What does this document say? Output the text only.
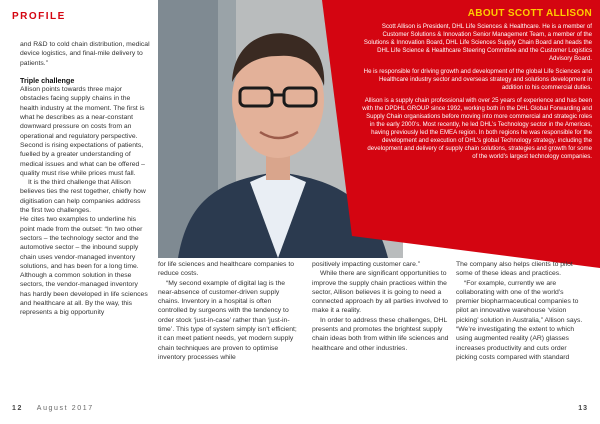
PROFILE

and R&D to cold chain distribution, medical device logistics, and final-mile delivery to patients.”

Triple challenge

Allison points towards three major obstacles facing supply chains in the health industry at the moment. The first is what he describes as a near-constant downward pressure on costs from an operational and regulatory perspective. Second is rising expectations of patients, fuelled by a greater understanding of medical issues and what can be offered – quality must rise while prices must fall.

It is the third challenge that Allison believes ties the rest together, chiefly how digitisation can help companies address the first two challenges.

He cites two examples to underline his point made from the outset: “In two other sectors – the technology sector and the automotive sector – the inbound supply chain uses vendor-managed inventory solutions, and has been for a long time. Although a common solution in these sectors, the vendor-managed inventory has hardly been developed in life sciences and healthcare at all. By the way, this represents a big opportunity

ABOUT SCOTT ALLISON

Scott Allison is President, DHL Life Sciences & Healthcare. He is a member of Customer Solutions & Innovation Senior Management Team, a member of the Solutions & Innovation Board, DHL Life Sciences Supply Chain Board and heads the DHL Life Science & Healthcare Steering Committee and the Customer Logistics Advisory Board.

He is responsible for driving growth and development of the global Life Sciences and Healthcare industry sector and overseas strategy and solutions development in addition to his commercial duties.

Allison is a supply chain professional with over 25 years of experience and has been with the DPDHL GROUP since 1992, working both in the DHL Global Forwarding and Supply Chain organisations before moving into more commercial and strategic roles in the early 2000’s. Most recently, he led DHL’s Technology sector in the Americas, having previously led the EMEA region. In both regions he was responsible for the development and execution of DHL’s global Technology strategy, including the development and delivery of supply chain solutions, strategies and growth for some of the world’s largest technology companies.

for life sciences and healthcare companies to reduce costs.

“My second example of digital lag is the near-absence of customer-driven supply chains. Inventory in a hospital is often controlled by surgeons with the tendency to order stock ‘just-in-case’ rather than ‘just-in-time’. This type of system simply isn’t efficient; it can meet patient needs, yet modern supply chain techniques are proven to optimise inventory processes while

positively impacting customer care.”

While there are significant opportunities to improve the supply chain practices within the sector, Allison believes it is going to need a connected approach by all parties involved to make it a reality.

In order to address these challenges, DHL presents and promotes the brightest supply chain ideas both from within life sciences and healthcare and other industries.

The company also helps clients to pilot some of these ideas and practices.

“For example, currently we are collaborating with one of the world’s premier biopharmaceutical companies to pilot an innovative warehouse ‘vision picking’ solution in Australia,” Allison says. “We’re investigating the extent to which using augmented reality (AR) glasses increases productivity and cuts order picking costs compared with standard

12 August 2017	13
